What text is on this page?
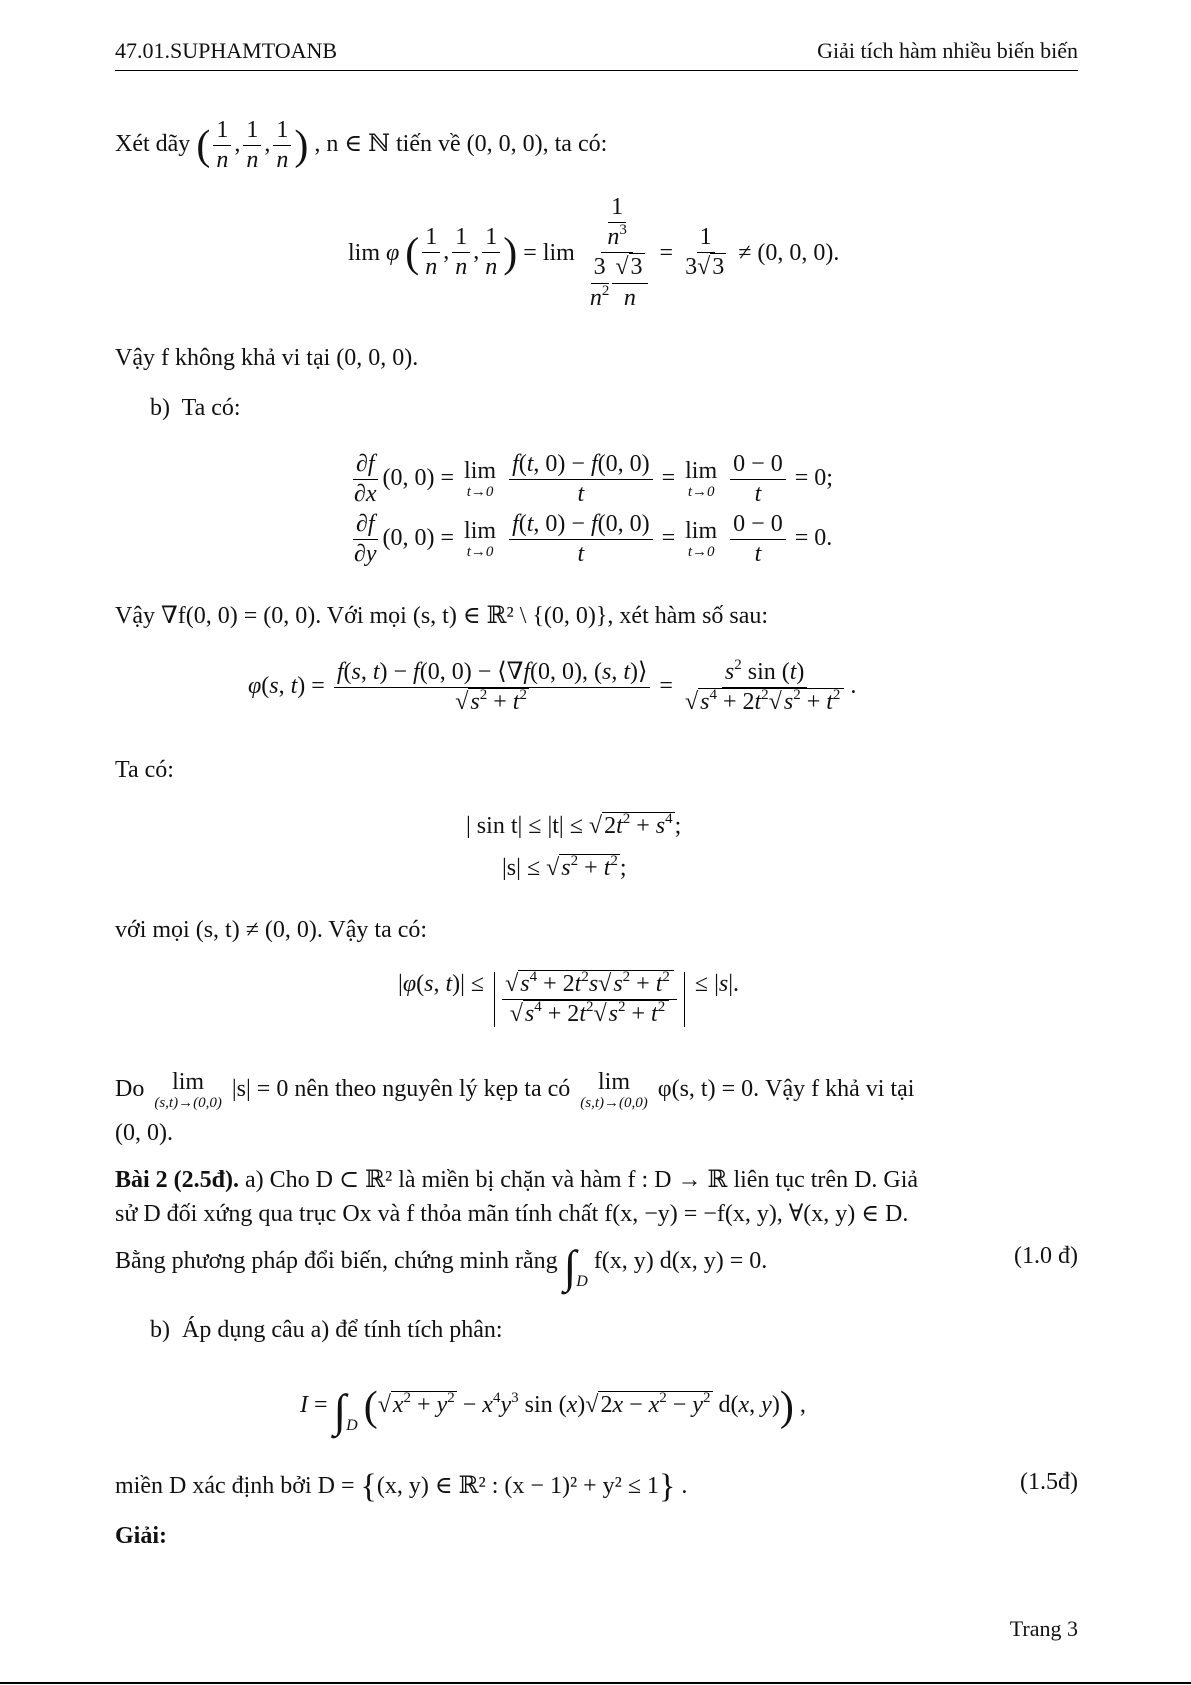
47.01.SUPHAMTOANB	Giải tích hàm nhiều biến biến
Xét dãy ( $\frac{1}{n}$ , $\frac{1}{n}$ , $\frac{1}{n}$ ) , n ∈ ℕ tiến về (0, 0, 0), ta có:
lim φ ( $\frac{1}{n}$ , $\frac{1}{n}$ , $\frac{1}{n}$ ) = $\lim \frac{\frac{1}{n^3}}{\frac{3}{n^2} \frac{√3}{n}} = \frac{1}{3√3} \ne (0$, 0, 0).
Vậy f không khả vi tại (0, 0, 0).
b) Ta có:
$\frac{\partial f}{\partial x} (0$, 0) = lim
t→0
$\frac{f(t, 0) - f(0, 0)}{t} = \lim$
t→0
$\frac{0 - 0}{t} = 0$;
$\frac{\partial f}{\partial y} (0$, 0) = lim
t→0
$\frac{f(t, 0) - f(0, 0)}{t} = \lim$
t→0
$\frac{0 - 0}{t} = 0$.
Vậy ∇f(0, 0) = (0, 0). Với mọi (s, t) ∈ ℝ² \ {(0, 0)}, xét hàm số sau:
φ(s, $t) = \frac{f(s, t) - f(0, 0) - ⟨\nabla f(0, 0), (s, t)⟩}{√s^2 + t^2} = \frac{s^2 \sin (t)}{√s^4 + 2t^2√s^2 + t^2}$ .
Ta có:
| $\sin t| \le |t| \le √2t^2 + s^4$;
$|s| \le √s^2 + t^2$;
với mọi (s, t) ≠ (0, 0). Vậy ta có:
|φ(s, $t)| \le \frac{√s^4 + 2t^2s√s^2 + t^2}{√s^4 + 2t^2√s^2 + t^2} \le |s|$.
Do lim
(s,t)→(0,0)
|s| = 0 nên theo nguyên lý kẹp ta có lim
(s,t)→(0,0)
φ(s, t) = 0. Vậy f khả vi tại
(0, 0).
Bài 2 (2.5đ). a) Cho D ⊂ ℝ² là miền bị chặn và hàm f : D → ℝ liên tục trên D. Giả
sử D đối xứng qua trục Ox và f thỏa mãn tính chất f(x, −y) = −f(x, y), ∀(x, y) ∈ D.
Bằng phương pháp đổi biến, chứng minh rằng $\int_D$ f(x, y) d(x, y) = 0.	(1.0 đ)
b) Áp dụng câu a) để tính tích phân:
$I = \int_D$ ($√x^2 + y^2 - x^4y^3$ $\sin (x)√2x - x^2 - y^2$ d(x, y)) ,
miền D xác định bởi D = {(x, y) ∈ ℝ² : (x − 1)² + y² ≤ 1} .	(1.5đ)
Giải:
Trang 3
